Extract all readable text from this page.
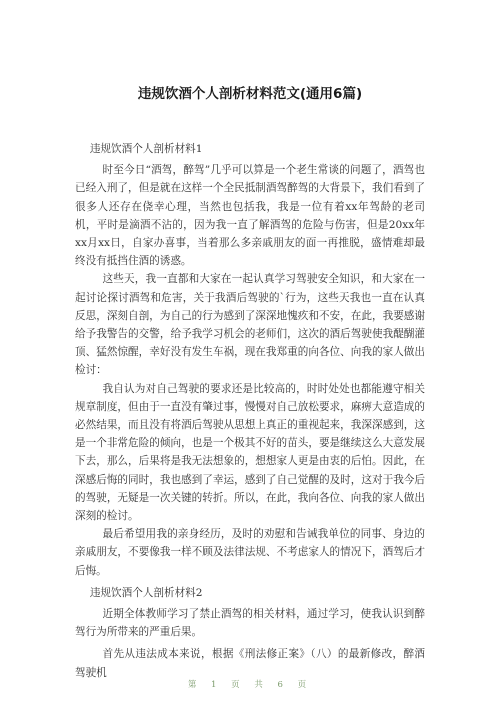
违规饮酒个人剖析材料范文(通用6篇)

违规饮酒个人剖析材料1

时至今日“酒驾，醉驾”几乎可以算是一个老生常谈的问题了，酒驾也已经入刑了，但是就在这样一个全民抵制酒驾醉驾的大背景下，我们看到了很多人还存在侥幸心理，当然也包括我，我是一位有着xx年驾龄的老司机，平时是滴酒不沾的，因为我一直了解酒驾的危险与伤害，但是20xx年xx月xx日，自家办喜事，当着那么多亲戚朋友的面一再推脱，盛情难却最终没有抵挡住酒的诱惑。

这些天，我一直都和大家在一起认真学习驾驶安全知识，和大家在一起讨论探讨酒驾和危害，关于我酒后驾驶的`行为，这些天我也一直在认真反思，深刻自剖，为自己的行为感到了深深地愧疚和不安，在此，我要感谢给予我警告的交警，给予我学习机会的老师们，这次的酒后驾驶使我醍醐灌顶、猛然惊醒，幸好没有发生车祸，现在我郑重的向各位、向我的家人做出检讨：

我自认为对自己驾驶的要求还是比较高的，时时处处也都能遵守相关规章制度，但由于一直没有肇过事，慢慢对自己放松要求，麻痹大意造成的必然结果，而且没有将酒后驾驶从思想上真正的重视起来，我深深感到，这是一个非常危险的倾向，也是一个极其不好的苗头，要是继续这么大意发展下去，那么，后果将是我无法想象的，想想家人更是由衷的后怕。因此，在深感后悔的同时，我也感到了幸运，感到了自己觉醒的及时，这对于我今后的驾驶，无疑是一次关键的转折。所以，在此，我向各位、向我的家人做出深刻的检讨。

最后希望用我的亲身经历，及时的劝慰和告诫我单位的同事、身边的亲戚朋友，不要像我一样不顾及法律法规、不考虑家人的情况下，酒驾后才后悔。

违规饮酒个人剖析材料2

近期全体教师学习了禁止酒驾的相关材料，通过学习，使我认识到醉驾行为所带来的严重后果。

首先从违法成本来说，根据《刑法修正案》（八）的最新修改，醉酒驾驶机

第 1 页 共 6 页
